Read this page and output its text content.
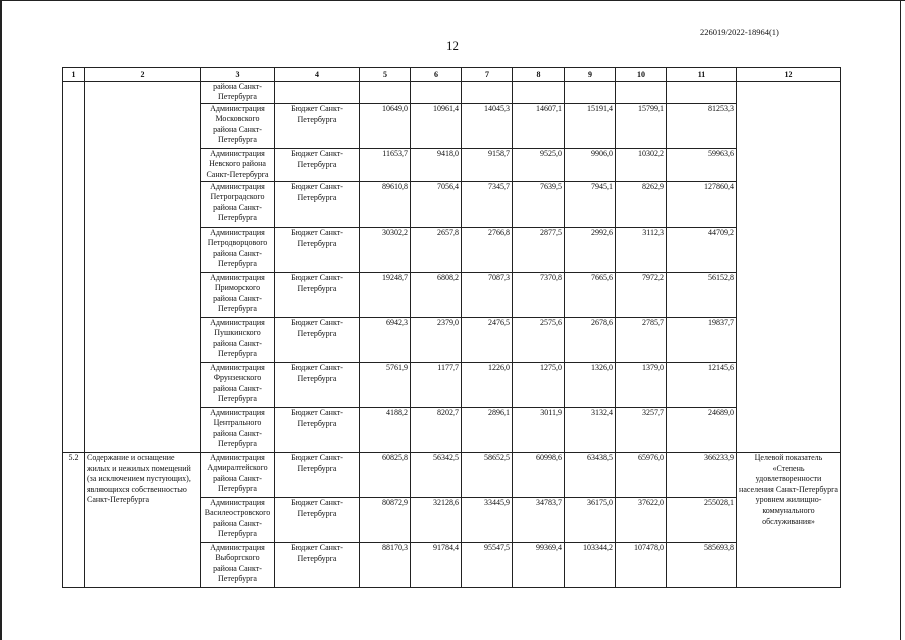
226019/2022-18964(1)
12
1	2	3	4	5	6	7	8	9	10	11	12
		района Санкт-Петербурга									
		Администрация Московского района Санкт-Петербурга	Бюджет Санкт-Петербурга	10649,0	10961,4	14045,3	14607,1	15191,4	15799,1	81253,3	
		Администрация Невского района Санкт-Петербурга	Бюджет Санкт-Петербурга	11653,7	9418,0	9158,7	9525,0	9906,0	10302,2	59963,6	
		Администрация Петроградского района Санкт-Петербурга	Бюджет Санкт-Петербурга	89610,8	7056,4	7345,7	7639,5	7945,1	8262,9	127860,4	
		Администрация Петродворцового района Санкт-Петербурга	Бюджет Санкт-Петербурга	30302,2	2657,8	2766,8	2877,5	2992,6	3112,3	44709,2	
		Администрация Приморского района Санкт-Петербурга	Бюджет Санкт-Петербурга	19248,7	6808,2	7087,3	7370,8	7665,6	7972,2	56152,8	
		Администрация Пушкинского района Санкт-Петербурга	Бюджет Санкт-Петербурга	6942,3	2379,0	2476,5	2575,6	2678,6	2785,7	19837,7	
		Администрация Фрунзенского района Санкт-Петербурга	Бюджет Санкт-Петербурга	5761,9	1177,7	1226,0	1275,0	1326,0	1379,0	12145,6	
		Администрация Центрального района Санкт-Петербурга	Бюджет Санкт-Петербурга	4188,2	8202,7	2896,1	3011,9	3132,4	3257,7	24689,0	
5.2	Содержание и оснащение жилых и нежилых помещений (за исключением пустующих), являющихся собственностью Санкт-Петербурга	Администрация Адмиралтейского района Санкт-Петербурга	Бюджет Санкт-Петербурга	60825,8	56342,5	58652,5	60998,6	63438,5	65976,0	366233,9	Целевой показатель «Степень удовлетворенности населения Санкт-Петербурга уровнем жилищно-коммунального обслуживания»
		Администрация Василеостровского района Санкт-Петербурга	Бюджет Санкт-Петербурга	80872,9	32128,6	33445,9	34783,7	36175,0	37622,0	255028,1	
		Администрация Выборгского района Санкт-Петербурга	Бюджет Санкт-Петербурга	88170,3	91784,4	95547,5	99369,4	103344,2	107478,0	585693,8	
